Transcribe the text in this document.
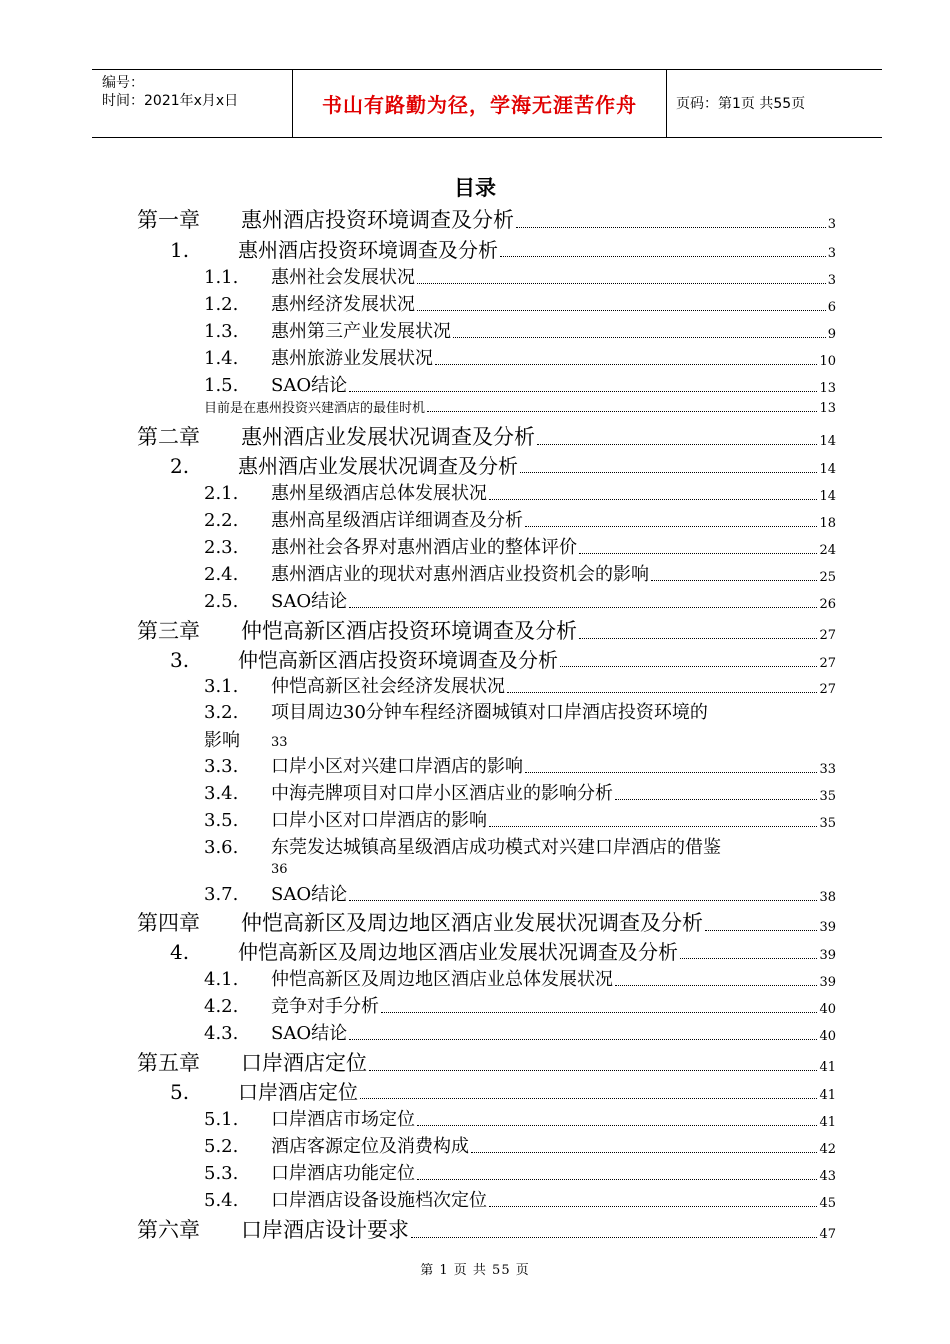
编号：
时间：2021年x月x日	书山有路勤为径，学海无涯苦作舟	页码：第1页 共55页
目录
第一章	惠州酒店投资环境调查及分析	3
1.	惠州酒店投资环境调查及分析	3
1.1.	惠州社会发展状况	3
1.2.	惠州经济发展状况	6
1.3.	惠州第三产业发展状况	9
1.4.	惠州旅游业发展状况	10
1.5.	SAO结论	13
目前是在惠州投资兴建酒店的最佳时机	13
第二章	惠州酒店业发展状况调查及分析	14
2.	惠州酒店业发展状况调查及分析	14
2.1.	惠州星级酒店总体发展状况	14
2.2.	惠州高星级酒店详细调查及分析	18
2.3.	惠州社会各界对惠州酒店业的整体评价	24
2.4.	惠州酒店业的现状对惠州酒店业投资机会的影响	25
2.5.	SAO结论	26
第三章	仲恺高新区酒店投资环境调查及分析	27
3.	仲恺高新区酒店投资环境调查及分析	27
3.1.	仲恺高新区社会经济发展状况	27
3.2. 项目周边30分钟车程经济圈城镇对口岸酒店投资环境的
影响 33
3.3.	口岸小区对兴建口岸酒店的影响	33
3.4.	中海壳牌项目对口岸小区酒店业的影响分析	35
3.5.	口岸小区对口岸酒店的影响	35
3.6. 东莞发达城镇高星级酒店成功模式对兴建口岸酒店的借鉴
36
3.7.	SAO结论	38
第四章	仲恺高新区及周边地区酒店业发展状况调查及分析	39
4.	仲恺高新区及周边地区酒店业发展状况调查及分析	39
4.1.	仲恺高新区及周边地区酒店业总体发展状况	39
4.2.	竞争对手分析	40
4.3.	SAO结论	40
第五章	口岸酒店定位	41
5.	口岸酒店定位	41
5.1.	口岸酒店市场定位	41
5.2.	酒店客源定位及消费构成	42
5.3.	口岸酒店功能定位	43
5.4.	口岸酒店设备设施档次定位	45
第六章	口岸酒店设计要求	47
第 1 页 共 55 页
